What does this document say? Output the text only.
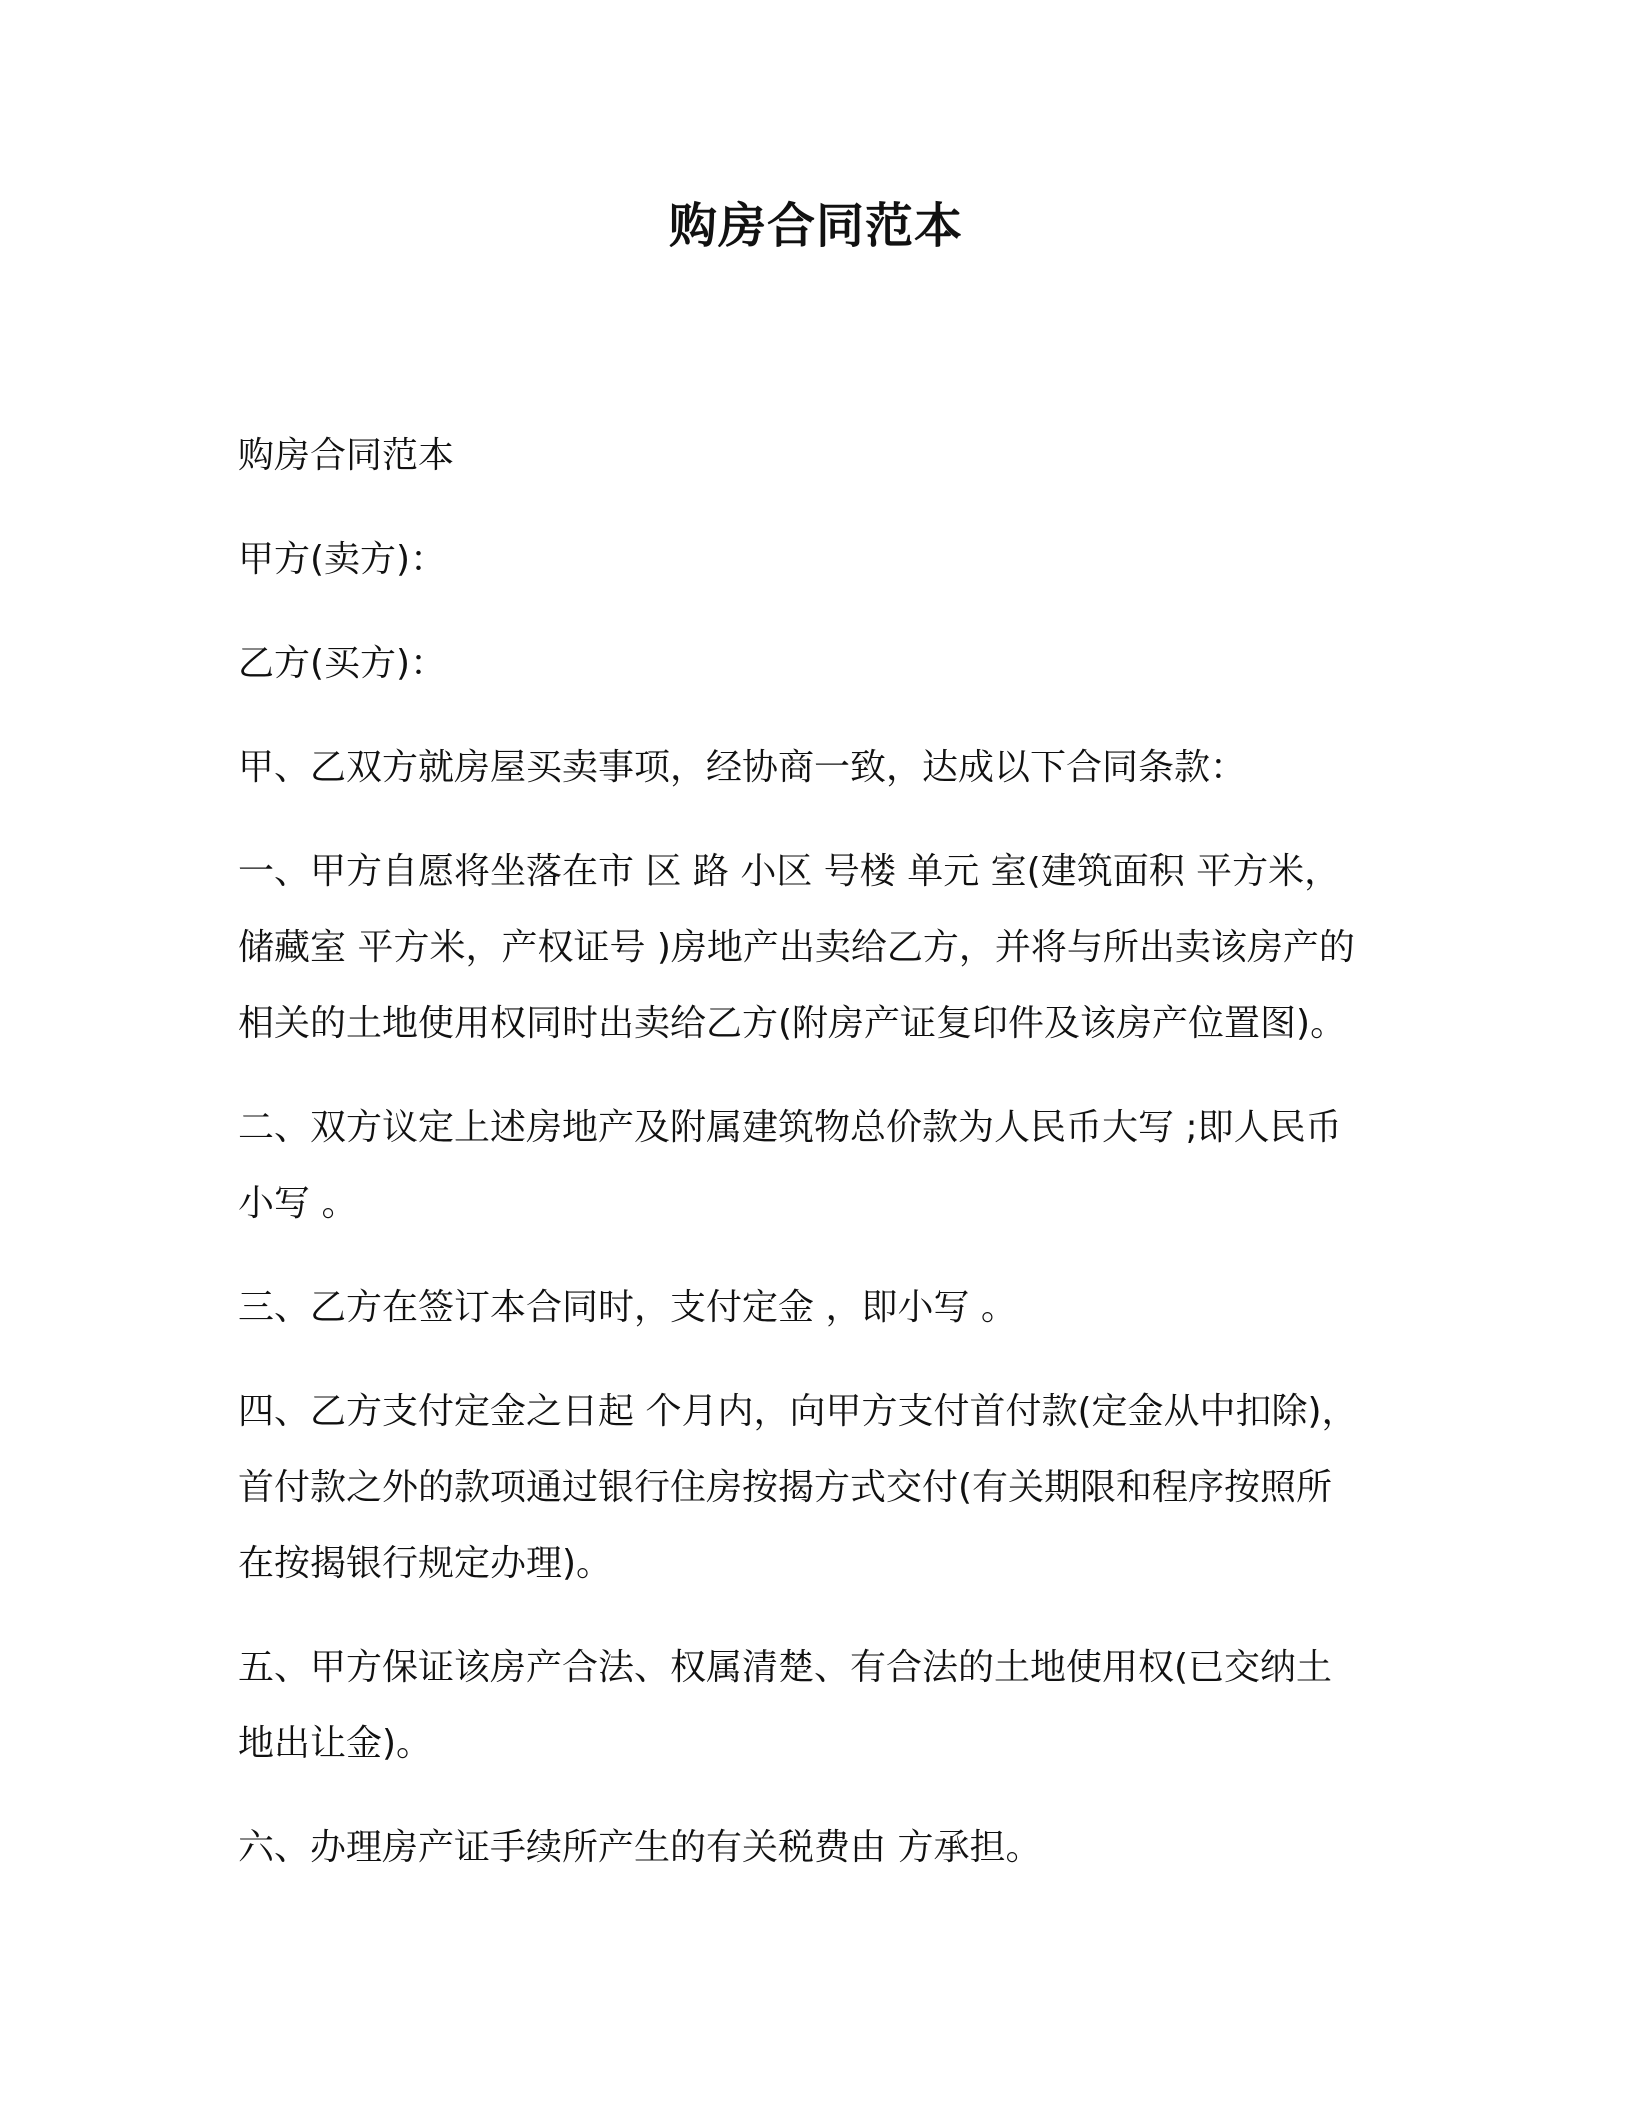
购房合同范本

购房合同范本

甲方(卖方)：

乙方(买方)：

甲、乙双方就房屋买卖事项，经协商一致，达成以下合同条款：

一、甲方自愿将坐落在市 区 路 小区 号楼 单元 室(建筑面积 平方米，
储藏室 平方米，产权证号 )房地产出卖给乙方，并将与所出卖该房产的
相关的土地使用权同时出卖给乙方(附房产证复印件及该房产位置图)。

二、双方议定上述房地产及附属建筑物总价款为人民币大写 ;即人民币
小写 。

三、乙方在签订本合同时，支付定金 ，即小写 。

四、乙方支付定金之日起 个月内，向甲方支付首付款(定金从中扣除)，
首付款之外的款项通过银行住房按揭方式交付(有关期限和程序按照所
在按揭银行规定办理)。

五、甲方保证该房产合法、权属清楚、有合法的土地使用权(已交纳土
地出让金)。

六、办理房产证手续所产生的有关税费由 方承担。
